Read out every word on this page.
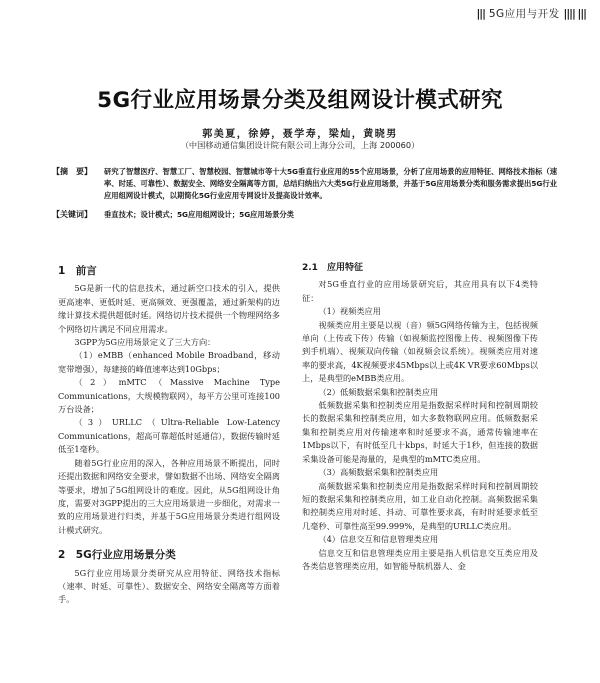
||| 5G应用与开发 |||| |||
5G行业应用场景分类及组网设计模式研究
郭美夏，徐婷，聂学寿，梁灿，黄晓男
（中国移动通信集团设计院有限公司上海分公司，上海 200060）
【摘　要】	研究了智慧医疗、智慧工厂、智慧校园、智慧城市等十大5G垂直行业应用的55个应用场景，分析了应用场景的应用特征、网络技术指标（速率、时延、可靠性）、数据安全、网络安全隔离等方面，总结归纳出六大类5G行业应用场景，并基于5G应用场景分类和服务需求提出5G行业应用组网设计模式，以期简化5G行业应用专网设计及提高设计效率。
【关键词】	垂直技术；设计模式；5G应用组网设计；5G应用场景分类
1　前言
5G是新一代的信息技术，通过新空口技术的引入，提供更高速率、更低时延、更高频效、更强覆盖，通过新架构的边缘计算技术提供超低时延。网络切片技术提供一个物理网络多个网络切片满足不同应用需求。
3GPP为5G应用场景定义了三大方向：
（1）eMBB（enhanced Mobile Broadband，移动宽带增强），每建接的峰值速率达到10Gbps；
（2）mMTC（Massive Machine Type Communications，大规模物联网），每平方公里可连接100万台设备；
（3）URLLC（Ultra-Reliable Low-Latency Communications，超高可靠超低时延通信），数据传输时延低至1毫秒。
随着5G行业应用的深入，各种应用场景不断提出，同时还提出数据和网络安全要求，譬如数据不出场、网络安全隔离等要求，增加了5G组网设计的难度。因此，从5G组网设计角度，需要对3GPP提出的三大应用场景进一步细化，对需求一致的应用场景进行归类，并基于5G应用场景分类进行组网设计模式研究。
2　5G行业应用场景分类
5G行业应用场景分类研究从应用特征、网络技术指标（速率、时延、可靠性）、数据安全、网络安全隔离等方面着手。
2.1　应用特征
对5G垂直行业的应用场景研究后，其应用具有以下4类特征：
（1）视频类应用
视频类应用主要是以视（音）频5G网络传输为主，包括视频单向（上传或下传）传输（如视频监控图像上传、视频图像下传到手机端）、视频双向传输（如视频会议系统）。视频类应用对速率的要求高，4K视频要求45Mbps以上或4K VR要求60Mbps以上，是典型的eMBB类应用。
（2）低频数据采集和控制类应用
低频数据采集和控制类应用是指数据采样时间和控制周期较长的数据采集和控制类应用，如大多数物联网应用。低频数据采集和控制类应用对传输速率和时延要求不高，通常传输速率在1Mbps以下，有时低至几十kbps，时延大于1秒，但连接的数据采集设备可能是海量的，是典型的mMTC类应用。
（3）高频数据采集和控制类应用
高频数据采集和控制类应用是指数据采样时间和控制周期较短的数据采集和控制类应用，如工业自动化控制。高频数据采集和控制类应用对时延、抖动、可靠性要求高，有时时延要求低至几毫秒、可靠性高至99.999%，是典型的URLLC类应用。
（4）信息交互和信息管理类应用
信息交互和信息管理类应用主要是指人机信息交互类应用及各类信息管理类应用，如智能导航机器人、金
